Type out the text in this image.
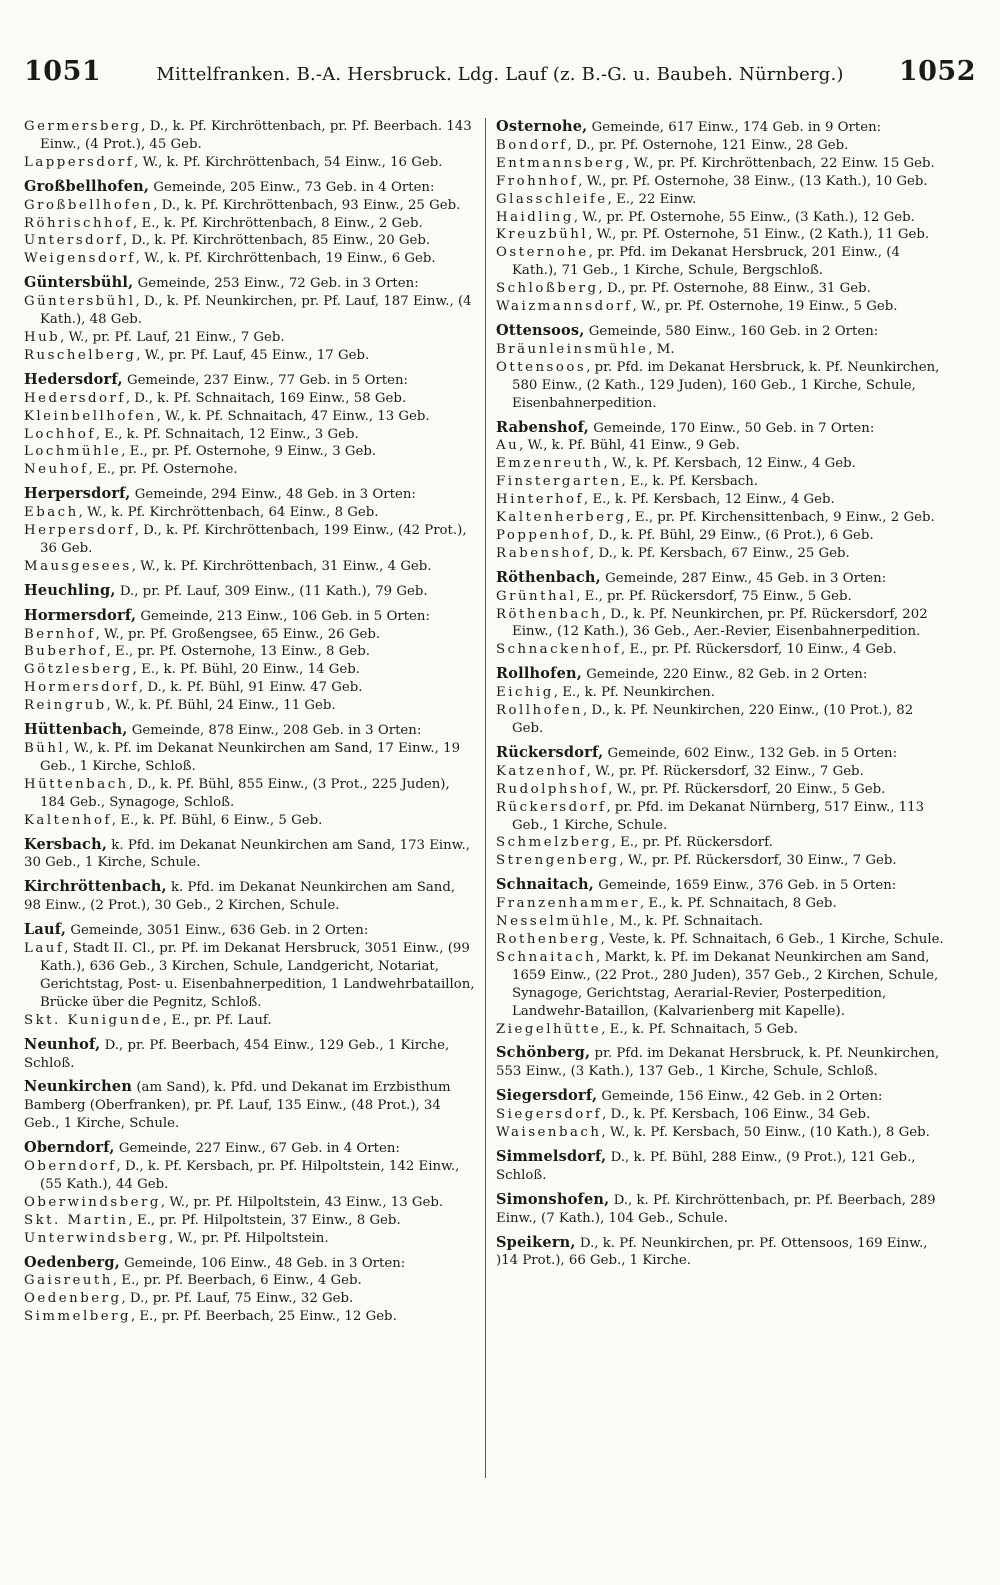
1051	Mittelfranken. B.-A. Hersbruck. Ldg. Lauf (z. B.-G. u. Baubeh. Nürnberg.) 1052

Germersberg, D., k. Pf. Kirchröttenbach, pr. Pf. Beerbach. 143 Einw., (4 Prot.), 45 Geb.

Lappersdorf, W., k. Pf. Kirchröttenbach, 54 Einw., 16 Geb.

Großbellhofen, Gemeinde, 205 Einw., 73 Geb. in 4 Orten:

Großbellhofen, D., k. Pf. Kirchröttenbach, 93 Einw., 25 Geb.

Röhrischhof, E., k. Pf. Kirchröttenbach, 8 Einw., 2 Geb.

Untersdorf, D., k. Pf. Kirchröttenbach, 85 Einw., 20 Geb.

Weigensdorf, W., k. Pf. Kirchröttenbach, 19 Einw., 6 Geb.

Güntersbühl, Gemeinde, 253 Einw., 72 Geb. in 3 Orten:

Güntersbühl, D., k. Pf. Neunkirchen, pr. Pf. Lauf, 187 Einw., (4 Kath.), 48 Geb.

Hub, W., pr. Pf. Lauf, 21 Einw., 7 Geb.

Ruschelberg, W., pr. Pf. Lauf, 45 Einw., 17 Geb.

Hedersdorf, Gemeinde, 237 Einw., 77 Geb. in 5 Orten:

Hedersdorf, D., k. Pf. Schnaitach, 169 Einw., 58 Geb.

Kleinbellhofen, W., k. Pf. Schnaitach, 47 Einw., 13 Geb.

Lochhof, E., k. Pf. Schnaitach, 12 Einw., 3 Geb.

Lochmühle, E., pr. Pf. Osternohe, 9 Einw., 3 Geb.

Neuhof, E., pr. Pf. Osternohe.

Herpersdorf, Gemeinde, 294 Einw., 48 Geb. in 3 Orten:

Ebach, W., k. Pf. Kirchröttenbach, 64 Einw., 8 Geb.

Herpersdorf, D., k. Pf. Kirchröttenbach, 199 Einw., (42 Prot.), 36 Geb.

Mausgesees, W., k. Pf. Kirchröttenbach, 31 Einw., 4 Geb.

Heuchling, D., pr. Pf. Lauf, 309 Einw., (11 Kath.), 79 Geb.

Hormersdorf, Gemeinde, 213 Einw., 106 Geb. in 5 Orten:

Bernhof, W., pr. Pf. Großengsee, 65 Einw., 26 Geb.

Buberhof, E., pr. Pf. Osternohe, 13 Einw., 8 Geb.

Götzlesberg, E., k. Pf. Bühl, 20 Einw., 14 Geb.

Hormersdorf, D., k. Pf. Bühl, 91 Einw. 47 Geb.

Reingrub, W., k. Pf. Bühl, 24 Einw., 11 Geb.

Hüttenbach, Gemeinde, 878 Einw., 208 Geb. in 3 Orten:

Bühl, W., k. Pf. im Dekanat Neunkirchen am Sand, 17 Einw., 19 Geb., 1 Kirche, Schloß.

Hüttenbach, D., k. Pf. Bühl, 855 Einw., (3 Prot., 225 Juden), 184 Geb., Synagoge, Schloß.

Kaltenhof, E., k. Pf. Bühl, 6 Einw., 5 Geb.

Kersbach, k. Pfd. im Dekanat Neunkirchen am Sand, 173 Einw., 30 Geb., 1 Kirche, Schule.

Kirchröttenbach, k. Pfd. im Dekanat Neunkirchen am Sand, 98 Einw., (2 Prot.), 30 Geb., 2 Kirchen, Schule.

Lauf, Gemeinde, 3051 Einw., 636 Geb. in 2 Orten:

Lauf, Stadt II. Cl., pr. Pf. im Dekanat Hersbruck, 3051 Einw., (99 Kath.), 636 Geb., 3 Kirchen, Schule, Landgericht, Notariat, Gerichtstag, Post- u. Eisenbahnerpedition, 1 Landwehrbataillon, Brücke über die Pegnitz, Schloß.

Skt. Kunigunde, E., pr. Pf. Lauf.

Neunhof, D., pr. Pf. Beerbach, 454 Einw., 129 Geb., 1 Kirche, Schloß.

Neunkirchen (am Sand), k. Pfd. und Dekanat im Erzbisthum Bamberg (Oberfranken), pr. Pf. Lauf, 135 Einw., (48 Prot.), 34 Geb., 1 Kirche, Schule.

Oberndorf, Gemeinde, 227 Einw., 67 Geb. in 4 Orten:

Oberndorf, D., k. Pf. Kersbach, pr. Pf. Hilpoltstein, 142 Einw., (55 Kath.), 44 Geb.

Oberwindsberg, W., pr. Pf. Hilpoltstein, 43 Einw., 13 Geb.

Skt. Martin, E., pr. Pf. Hilpoltstein, 37 Einw., 8 Geb.

Unterwindsberg, W., pr. Pf. Hilpoltstein.

Oedenberg, Gemeinde, 106 Einw., 48 Geb. in 3 Orten:

Gaisreuth, E., pr. Pf. Beerbach, 6 Einw., 4 Geb.

Oedenberg, D., pr. Pf. Lauf, 75 Einw., 32 Geb.

Simmelberg, E., pr. Pf. Beerbach, 25 Einw., 12 Geb.

Osternohe, Gemeinde, 617 Einw., 174 Geb. in 9 Orten:

Bondorf, D., pr. Pf. Osternohe, 121 Einw., 28 Geb.

Entmannsberg, W., pr. Pf. Kirchröttenbach, 22 Einw. 15 Geb.

Frohnhof, W., pr. Pf. Osternohe, 38 Einw., (13 Kath.), 10 Geb.

Glasschleife, E., 22 Einw.

Haidling, W., pr. Pf. Osternohe, 55 Einw., (3 Kath.), 12 Geb.

Kreuzbühl, W., pr. Pf. Osternohe, 51 Einw., (2 Kath.), 11 Geb.

Osternohe, pr. Pfd. im Dekanat Hersbruck, 201 Einw., (4 Kath.), 71 Geb., 1 Kirche, Schule, Bergschloß.

Schloßberg, D., pr. Pf. Osternohe, 88 Einw., 31 Geb.

Waizmannsdorf, W., pr. Pf. Osternohe, 19 Einw., 5 Geb.

Ottensoos, Gemeinde, 580 Einw., 160 Geb. in 2 Orten:

Bräunleinsmühle, M.

Ottensoos, pr. Pfd. im Dekanat Hersbruck, k. Pf. Neunkirchen, 580 Einw., (2 Kath., 129 Juden), 160 Geb., 1 Kirche, Schule, Eisenbahnerpedition.

Rabenshof, Gemeinde, 170 Einw., 50 Geb. in 7 Orten:

Au, W., k. Pf. Bühl, 41 Einw., 9 Geb.

Emzenreuth, W., k. Pf. Kersbach, 12 Einw., 4 Geb.

Finstergarten, E., k. Pf. Kersbach.

Hinterhof, E., k. Pf. Kersbach, 12 Einw., 4 Geb.

Kaltenherberg, E., pr. Pf. Kirchensittenbach, 9 Einw., 2 Geb.

Poppenhof, D., k. Pf. Bühl, 29 Einw., (6 Prot.), 6 Geb.

Rabenshof, D., k. Pf. Kersbach, 67 Einw., 25 Geb.

Röthenbach, Gemeinde, 287 Einw., 45 Geb. in 3 Orten:

Grünthal, E., pr. Pf. Rückersdorf, 75 Einw., 5 Geb.

Röthenbach, D., k. Pf. Neunkirchen, pr. Pf. Rückersdorf, 202 Einw., (12 Kath.), 36 Geb., Aer.-Revier, Eisenbahnerpedition.

Schnackenhof, E., pr. Pf. Rückersdorf, 10 Einw., 4 Geb.

Rollhofen, Gemeinde, 220 Einw., 82 Geb. in 2 Orten:

Eichig, E., k. Pf. Neunkirchen.

Rollhofen, D., k. Pf. Neunkirchen, 220 Einw., (10 Prot.), 82 Geb.

Rückersdorf, Gemeinde, 602 Einw., 132 Geb. in 5 Orten:

Katzenhof, W., pr. Pf. Rückersdorf, 32 Einw., 7 Geb.

Rudolphshof, W., pr. Pf. Rückersdorf, 20 Einw., 5 Geb.

Rückersdorf, pr. Pfd. im Dekanat Nürnberg, 517 Einw., 113 Geb., 1 Kirche, Schule.

Schmelzberg, E., pr. Pf. Rückersdorf.

Strengenberg, W., pr. Pf. Rückersdorf, 30 Einw., 7 Geb.

Schnaitach, Gemeinde, 1659 Einw., 376 Geb. in 5 Orten:

Franzenhammer, E., k. Pf. Schnaitach, 8 Geb.

Nesselmühle, M., k. Pf. Schnaitach.

Rothenberg, Veste, k. Pf. Schnaitach, 6 Geb., 1 Kirche, Schule.

Schnaitach, Markt, k. Pf. im Dekanat Neunkirchen am Sand, 1659 Einw., (22 Prot., 280 Juden), 357 Geb., 2 Kirchen, Schule, Synagoge, Gerichtstag, Aerarial-Revier, Posterpedition, Landwehr-Bataillon, (Kalvarienberg mit Kapelle).

Ziegelhütte, E., k. Pf. Schnaitach, 5 Geb.

Schönberg, pr. Pfd. im Dekanat Hersbruck, k. Pf. Neunkirchen, 553 Einw., (3 Kath.), 137 Geb., 1 Kirche, Schule, Schloß.

Siegersdorf, Gemeinde, 156 Einw., 42 Geb. in 2 Orten:

Siegersdorf, D., k. Pf. Kersbach, 106 Einw., 34 Geb.

Waisenbach, W., k. Pf. Kersbach, 50 Einw., (10 Kath.), 8 Geb.

Simmelsdorf, D., k. Pf. Bühl, 288 Einw., (9 Prot.), 121 Geb., Schloß.

Simonshofen, D., k. Pf. Kirchröttenbach, pr. Pf. Beerbach, 289 Einw., (7 Kath.), 104 Geb., Schule.

Speikern, D., k. Pf. Neunkirchen, pr. Pf. Ottensoos, 169 Einw., )14 Prot.), 66 Geb., 1 Kirche.
